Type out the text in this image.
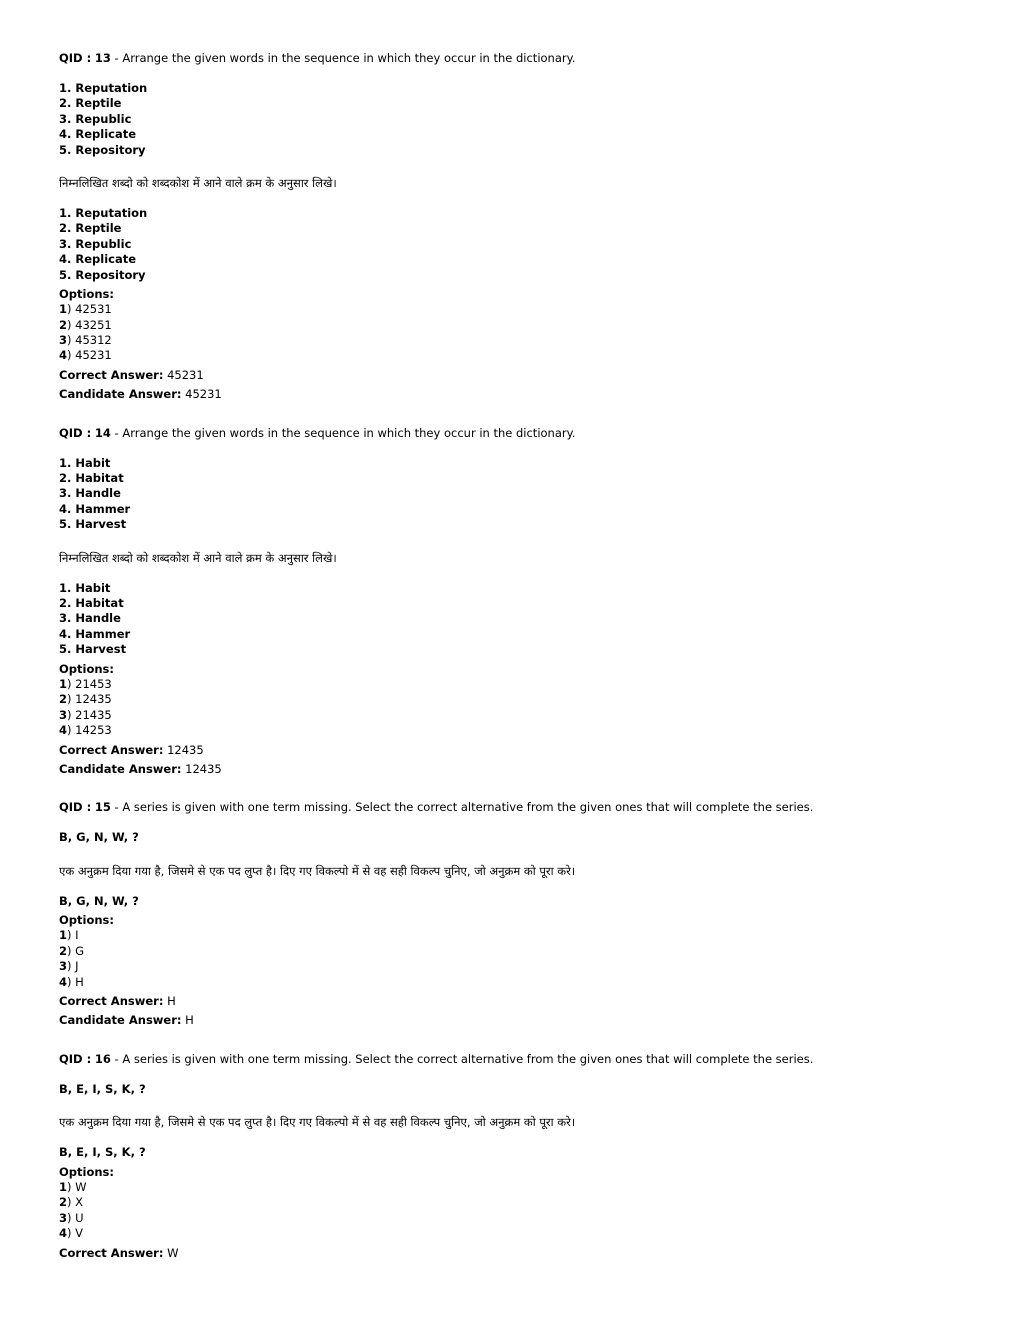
QID : 13 - Arrange the given words in the sequence in which they occur in the dictionary.
1. Reputation
2. Reptile
3. Republic
4. Replicate
5. Repository
निम्नलिखित शब्दो को शब्दकोश में आने वाले क्रम के अनुसार लिखे।
1. Reputation
2. Reptile
3. Republic
4. Replicate
5. Repository
Options:
1) 42531
2) 43251
3) 45312
4) 45231
Correct Answer: 45231
Candidate Answer: 45231
QID : 14 - Arrange the given words in the sequence in which they occur in the dictionary.
1. Habit
2. Habitat
3. Handle
4. Hammer
5. Harvest
निम्नलिखित शब्दो को शब्दकोश में आने वाले क्रम के अनुसार लिखे।
1. Habit
2. Habitat
3. Handle
4. Hammer
5. Harvest
Options:
1) 21453
2) 12435
3) 21435
4) 14253
Correct Answer: 12435
Candidate Answer: 12435
QID : 15 - A series is given with one term missing. Select the correct alternative from the given ones that will complete the series.
B, G, N, W, ?
एक अनुक्रम दिया गया है, जिसमे से एक पद लुप्त है। दिए गए विकल्पो में से वह सही विकल्प चुनिए, जो अनुक्रम को पूरा करे।
B, G, N, W, ?
Options:
1) I
2) G
3) J
4) H
Correct Answer: H
Candidate Answer: H
QID : 16 - A series is given with one term missing. Select the correct alternative from the given ones that will complete the series.
B, E, I, S, K, ?
एक अनुक्रम दिया गया है, जिसमे से एक पद लुप्त है। दिए गए विकल्पो में से वह सही विकल्प चुनिए, जो अनुक्रम को पूरा करे।
B, E, I, S, K, ?
Options:
1) W
2) X
3) U
4) V
Correct Answer: W
